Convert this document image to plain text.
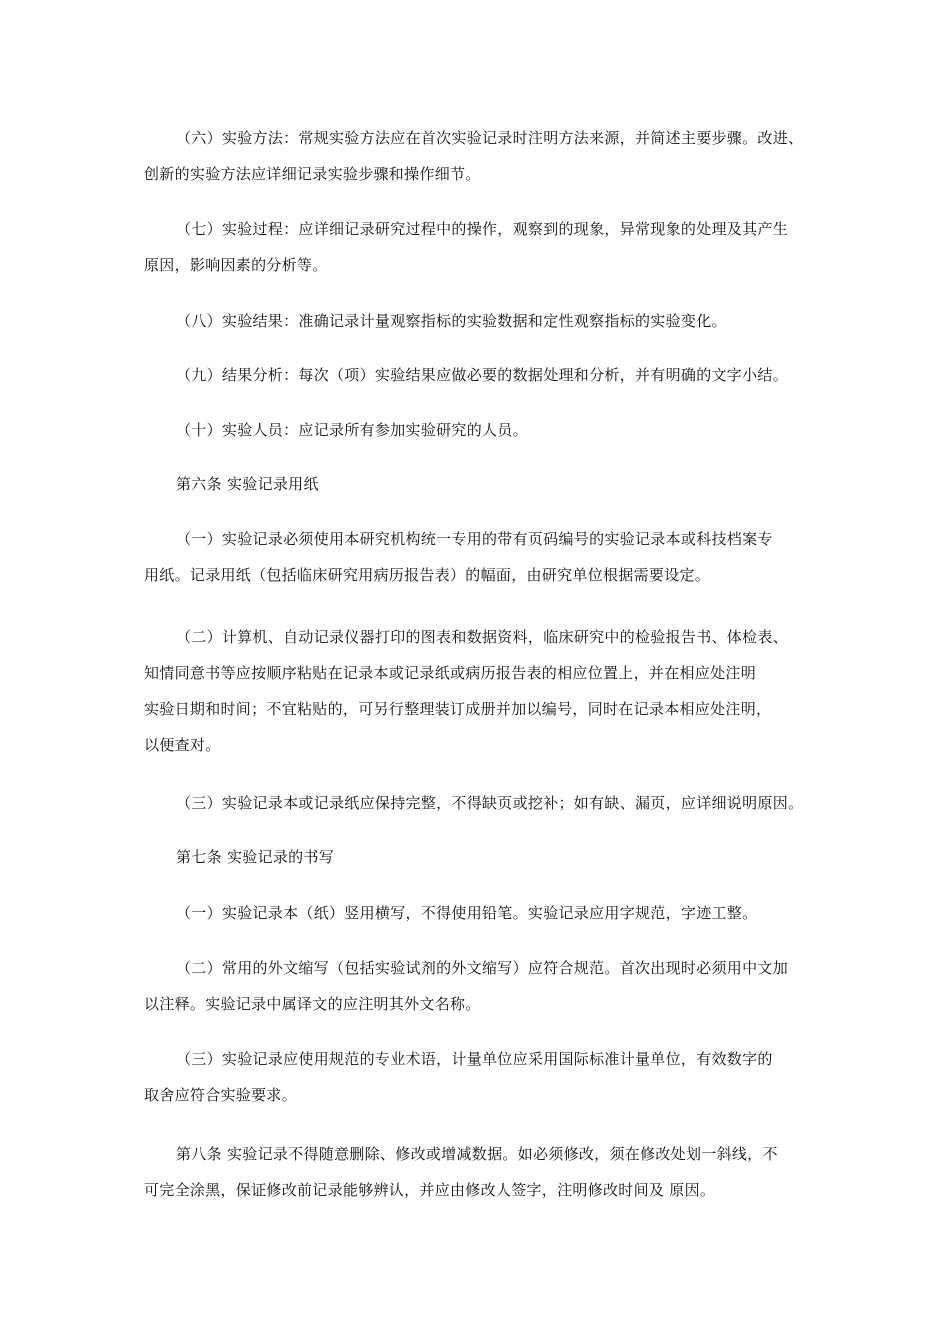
（六）实验方法：常规实验方法应在首次实验记录时注明方法来源，并简述主要步骤。改进、
创新的实验方法应详细记录实验步骤和操作细节。
（七）实验过程：应详细记录研究过程中的操作，观察到的现象，异常现象的处理及其产生
原因，影响因素的分析等。
（八）实验结果：准确记录计量观察指标的实验数据和定性观察指标的实验变化。
（九）结果分析：每次（项）实验结果应做必要的数据处理和分析，并有明确的文字小结。
（十）实验人员：应记录所有参加实验研究的人员。
第六条 实验记录用纸
（一）实验记录必须使用本研究机构统一专用的带有页码编号的实验记录本或科技档案专
用纸。记录用纸（包括临床研究用病历报告表）的幅面，由研究单位根据需要设定。
（二）计算机、自动记录仪器打印的图表和数据资料，临床研究中的检验报告书、体检表、
知情同意书等应按顺序粘贴在记录本或记录纸或病历报告表的相应位置上，并在相应处注明
实验日期和时间；不宜粘贴的，可另行整理装订成册并加以编号，同时在记录本相应处注明，
以便查对。
（三）实验记录本或记录纸应保持完整，不得缺页或挖补；如有缺、漏页，应详细说明原因。
第七条 实验记录的书写
（一）实验记录本（纸）竖用横写，不得使用铅笔。实验记录应用字规范，字迹工整。
（二）常用的外文缩写（包括实验试剂的外文缩写）应符合规范。首次出现时必须用中文加
以注释。实验记录中属译文的应注明其外文名称。
（三）实验记录应使用规范的专业术语，计量单位应采用国际标准计量单位，有效数字的
取舍应符合实验要求。
第八条 实验记录不得随意删除、修改或增减数据。如必须修改，须在修改处划一斜线，不
可完全涂黑，保证修改前记录能够辨认，并应由修改人签字，注明修改时间及 原因。
